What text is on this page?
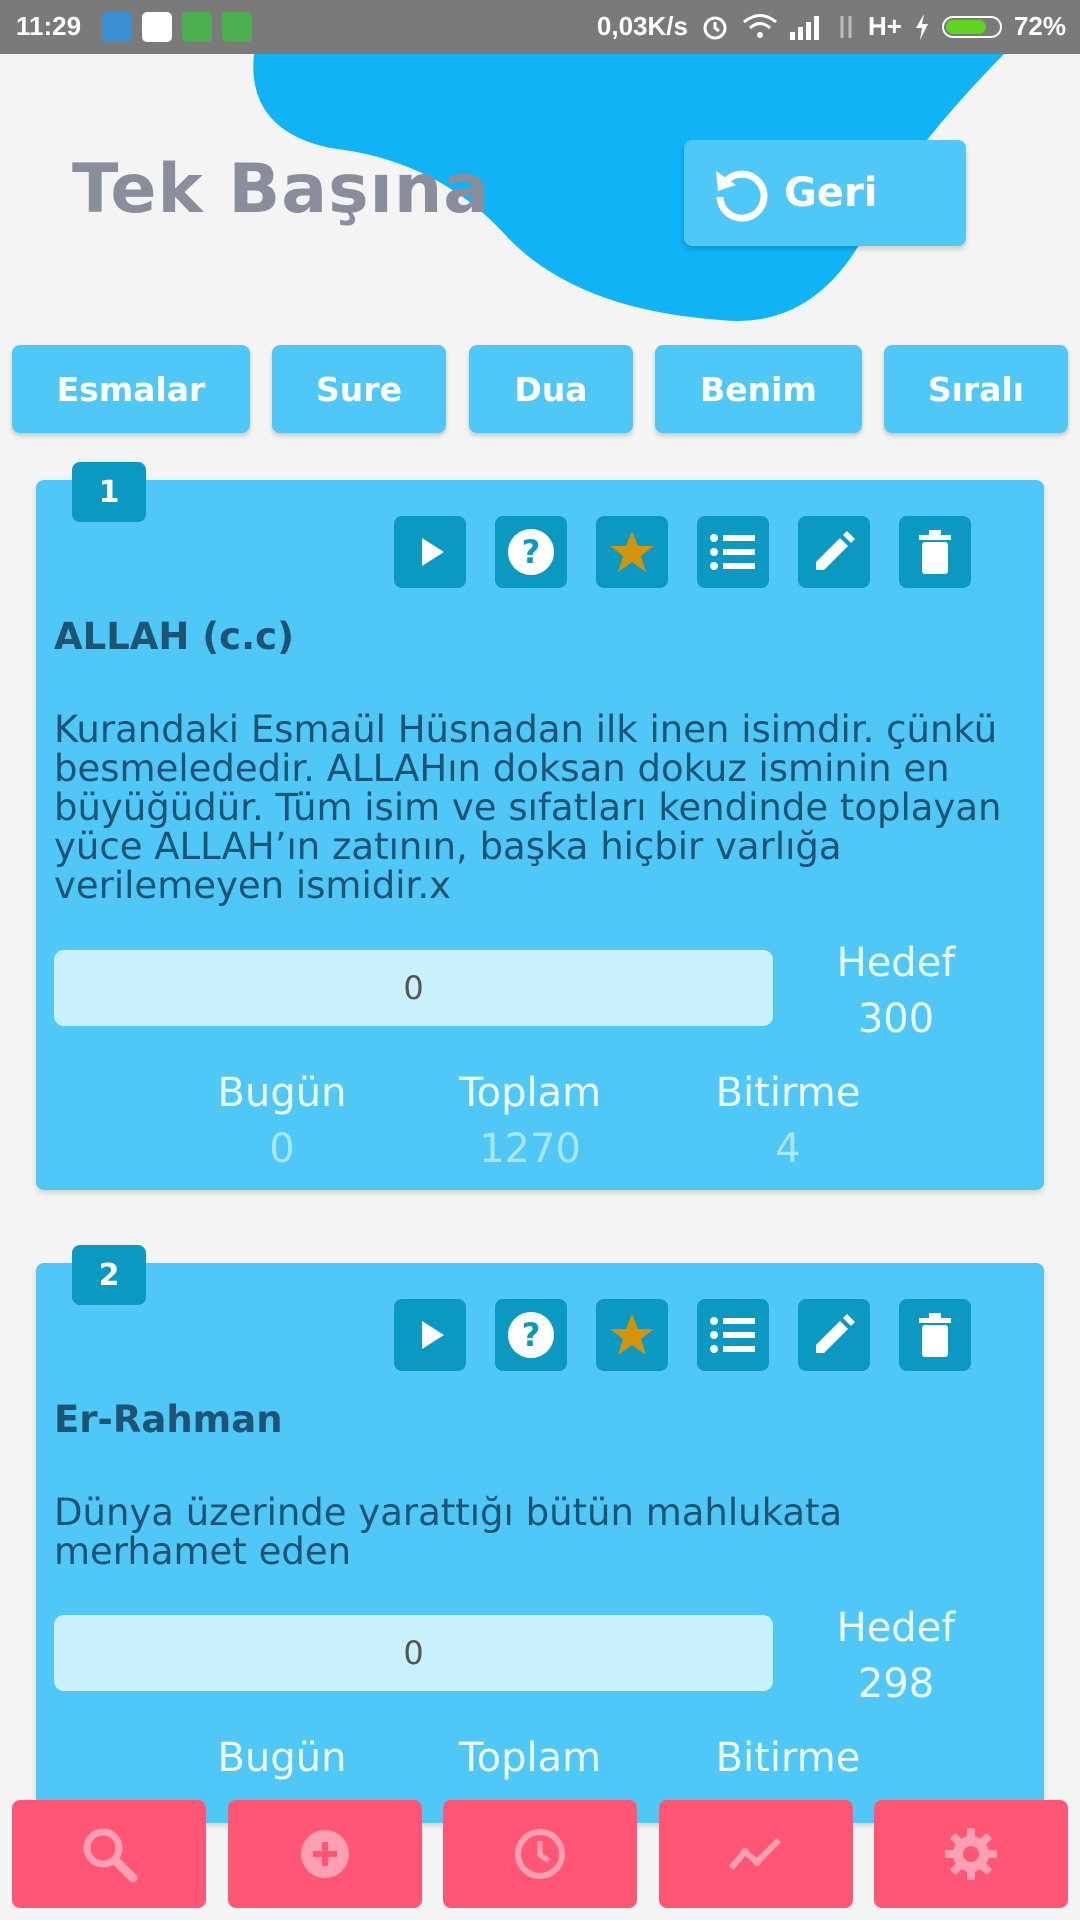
11:29	0,03K/s	H+	72%
Tek Başına	Geri
Esmalar	Sure	Dua	Benim	Sıralı
1
?
ALLAH (c.c)
Kurandaki Esmaül Hüsnadan ilk inen isimdir. çünkü besmelededir. ALLAHın doksan dokuz isminin en büyüğüdür. Tüm isim ve sıfatları kendinde toplayan yüce ALLAH’ın zatının, başka hiçbir varlığa verilemeyen ismidir.x
0
Hedef
300
Bugün
0
Toplam
1270
Bitirme
4
2
?
Er-Rahman
Dünya üzerinde yarattığı bütün mahlukata merhamet eden
0
Hedef
298
Bugün	Toplam	Bitirme
